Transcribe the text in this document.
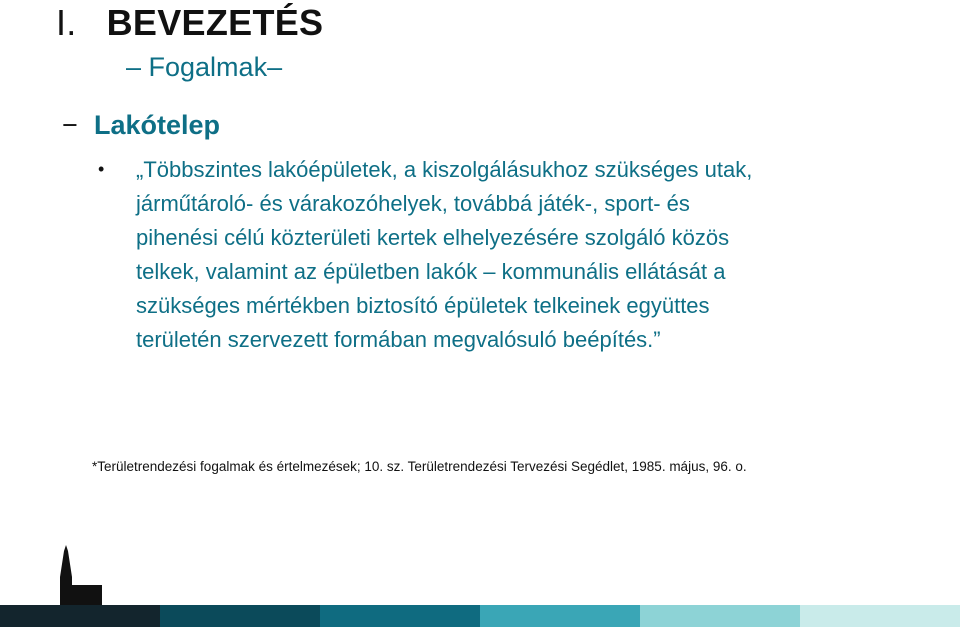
I. BEVEZETÉS
– Fogalmak–
− Lakótelep
• „Többszintes lakóépületek, a kiszolgálásukhoz szükséges utak,
járműtároló- és várakozóhelyek, továbbá játék-, sport- és
pihenési célú közterületi kertek elhelyezésére szolgáló közös
telkek, valamint az épületben lakók – kommunális ellátását a
szükséges mértékben biztosító épületek telkeinek együttes
területén szervezett formában megvalósuló beépítés.”
*Területrendezési fogalmak és értelmezések; 10. sz. Területrendezési Tervezési Segédlet, 1985. május, 96. o.
